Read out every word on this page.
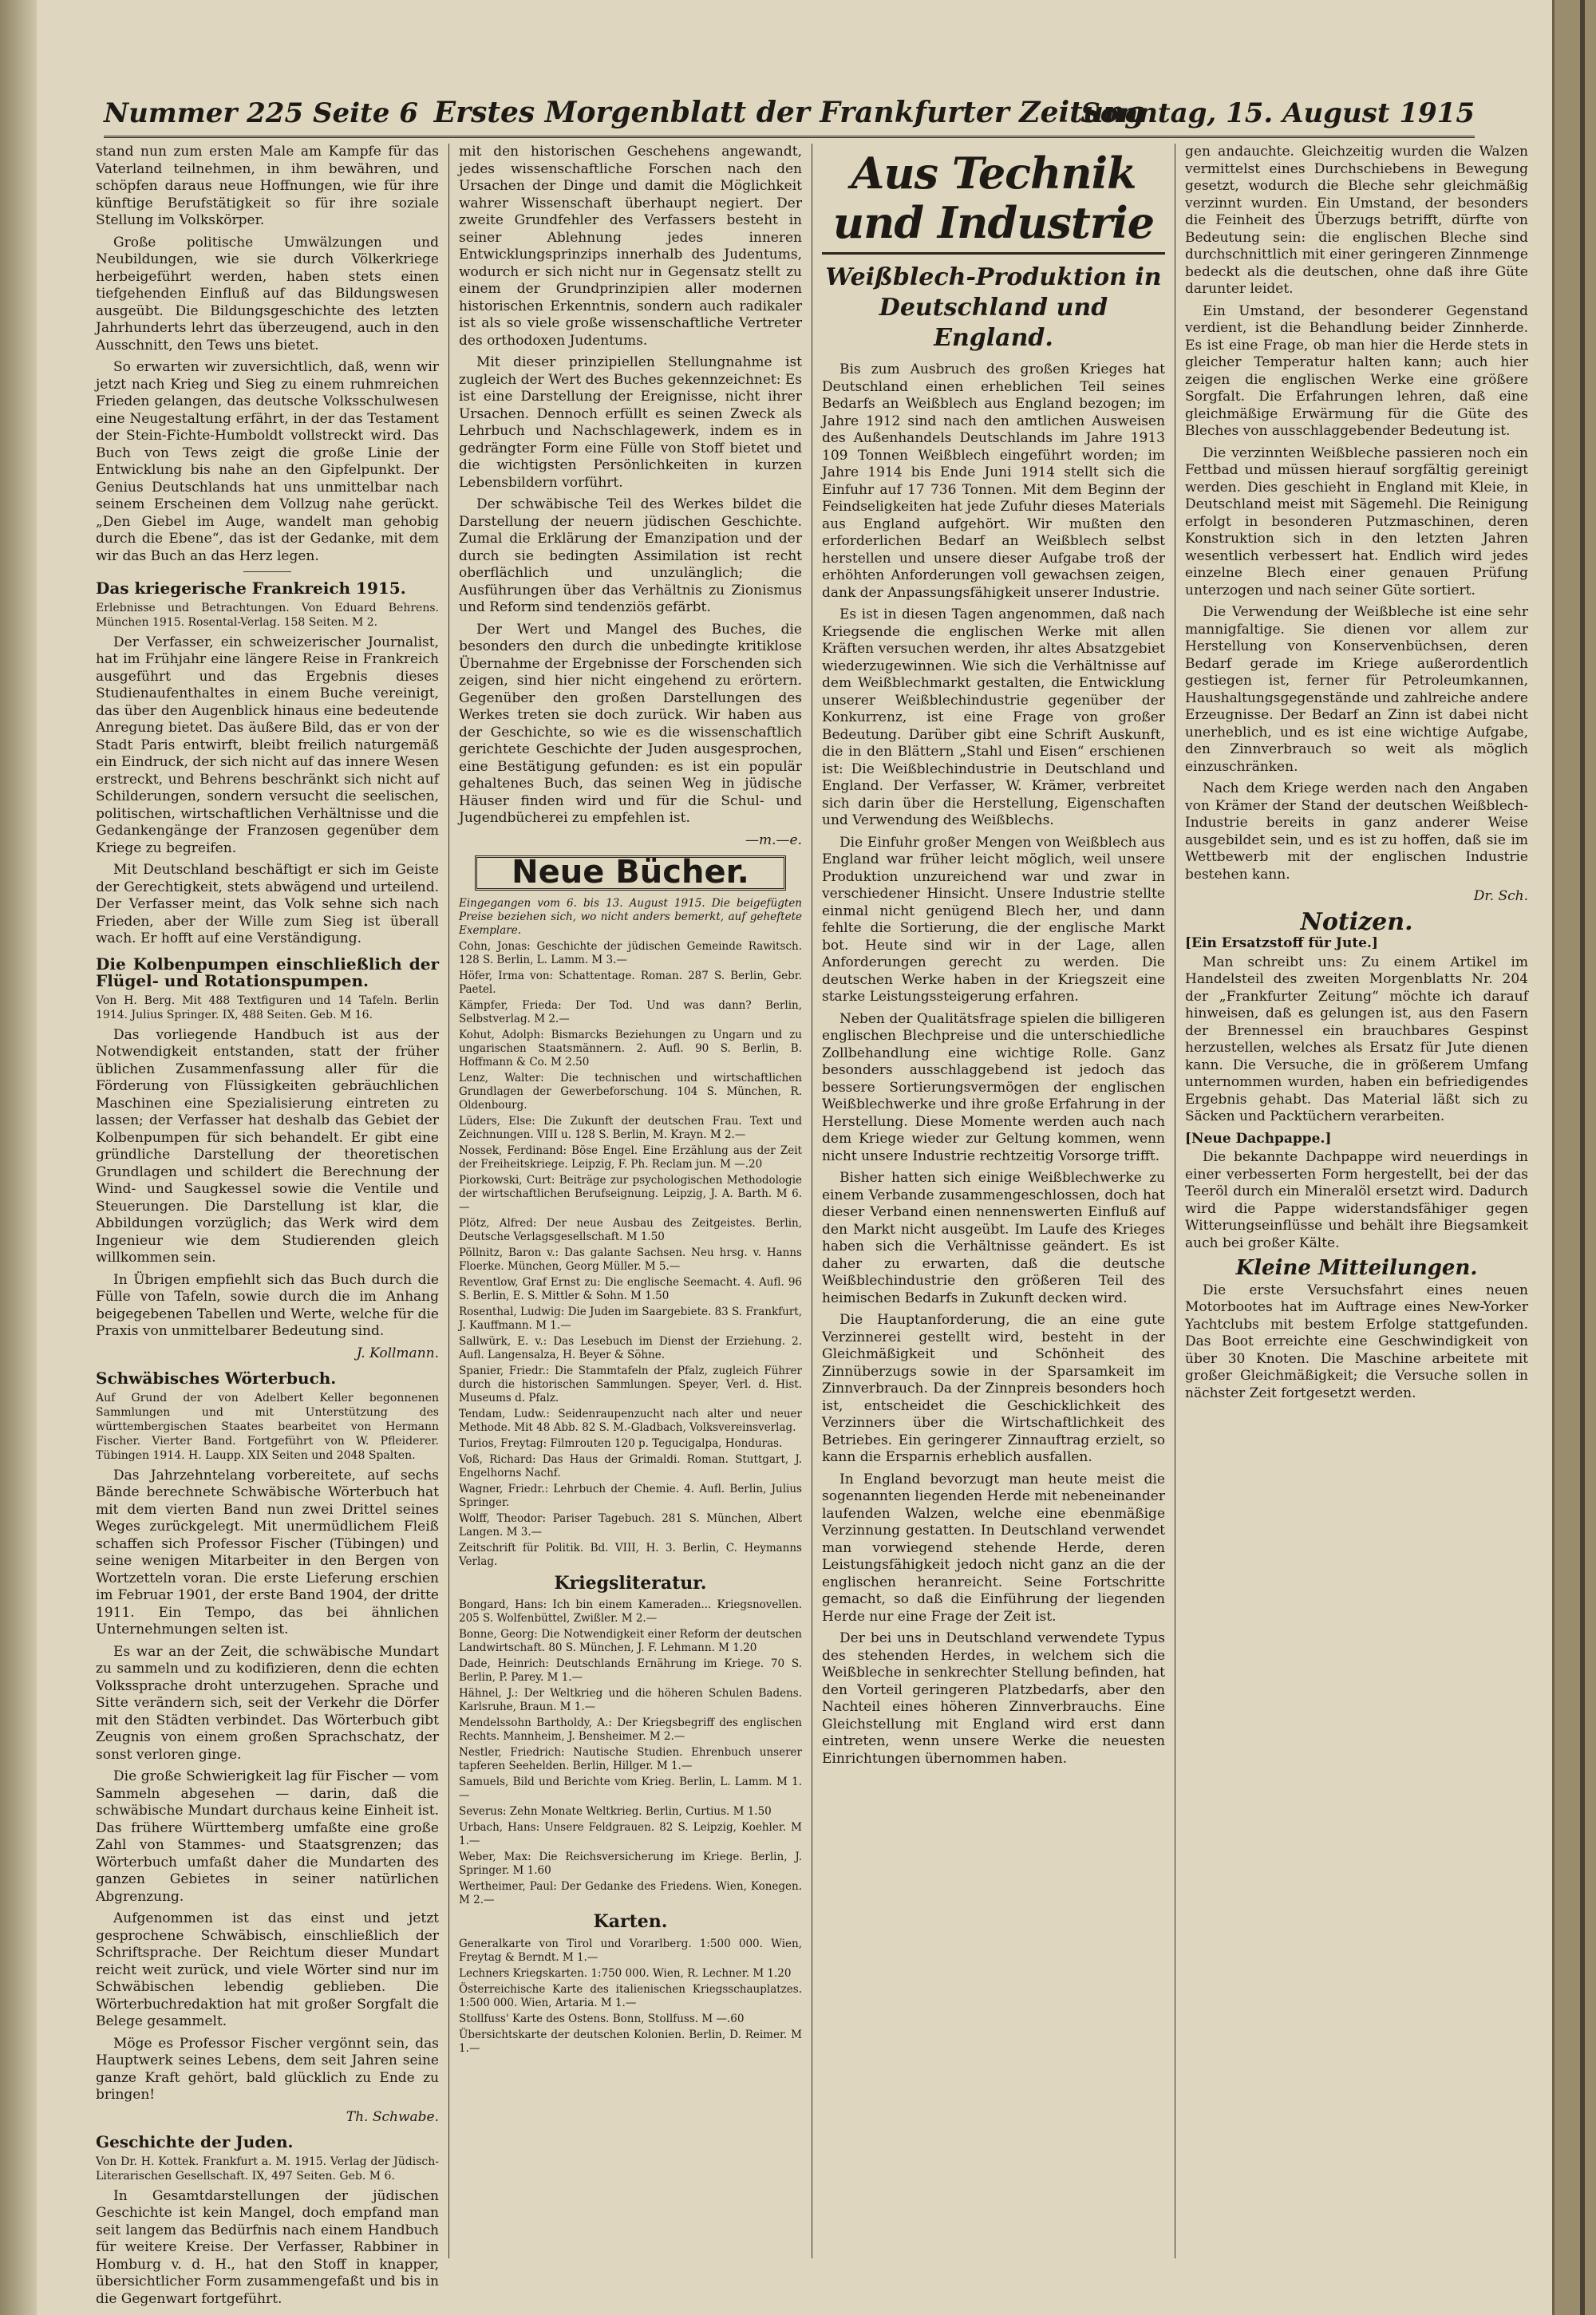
Nummer 225 Seite 6 Erstes Morgenblatt der Frankfurter Zeitung
Sonntag, 15. August 1915

stand nun zum ersten Male am Kampfe für das Vaterland teilnehmen, in ihm bewähren, und schöpfen daraus neue Hoffnungen, wie für ihre künftige Berufstätigkeit so für ihre soziale Stellung im Volkskörper.

Große politische Umwälzungen und Neubildungen, wie sie durch Völkerkriege herbeigeführt werden, haben stets einen tiefgehenden Einfluß auf das Bildungswesen ausgeübt. Die Bildungsgeschichte des letzten Jahrhunderts lehrt das überzeugend, auch in den Ausschnitt, den Tews uns bietet.

So erwarten wir zuversichtlich, daß, wenn wir jetzt nach Krieg und Sieg zu einem ruhmreichen Frieden gelangen, das deutsche Volksschulwesen eine Neugestaltung erfährt, in der das Testament der Stein-Fichte-Humboldt vollstreckt wird. Das Buch von Tews zeigt die große Linie der Entwicklung bis nahe an den Gipfelpunkt. Der Genius Deutschlands hat uns unmittelbar nach seinem Erscheinen dem Vollzug nahe gerückt. „Den Giebel im Auge, wandelt man gehobig durch die Ebene“, das ist der Gedanke, mit dem wir das Buch an das Herz legen.

Das kriegerische Frankreich 1915.

Erlebnisse und Betrachtungen. Von Eduard Behrens. München 1915. Rosental-Verlag. 158 Seiten. M 2.

Der Verfasser, ein schweizerischer Journalist, hat im Frühjahr eine längere Reise in Frankreich ausgeführt und das Ergebnis dieses Studienaufenthaltes in einem Buche vereinigt, das über den Augenblick hinaus eine bedeutende Anregung bietet. Das äußere Bild, das er von der Stadt Paris entwirft, bleibt freilich naturgemäß ein Eindruck, der sich nicht auf das innere Wesen erstreckt, und Behrens beschränkt sich nicht auf Schilderungen, sondern versucht die seelischen, politischen, wirtschaftlichen Verhältnisse und die Gedankengänge der Franzosen gegenüber dem Kriege zu begreifen.

Mit Deutschland beschäftigt er sich im Geiste der Gerechtigkeit, stets abwägend und urteilend. Der Verfasser meint, das Volk sehne sich nach Frieden, aber der Wille zum Sieg ist überall wach. Er hofft auf eine Verständigung.

Die Kolbenpumpen einschließlich der Flügel- und Rotationspumpen.

Von H. Berg. Mit 488 Textfiguren und 14 Tafeln. Berlin 1914. Julius Springer. IX, 488 Seiten. Geb. M 16.

Das vorliegende Handbuch ist aus der Notwendigkeit entstanden, statt der früher üblichen Zusammenfassung aller für die Förderung von Flüssigkeiten gebräuchlichen Maschinen eine Spezialisierung eintreten zu lassen; der Verfasser hat deshalb das Gebiet der Kolbenpumpen für sich behandelt. Er gibt eine gründliche Darstellung der theoretischen Grundlagen und schildert die Berechnung der Wind- und Saugkessel sowie die Ventile und Steuerungen. Die Darstellung ist klar, die Abbildungen vorzüglich; das Werk wird dem Ingenieur wie dem Studierenden gleich willkommen sein.

In Übrigen empfiehlt sich das Buch durch die Fülle von Tafeln, sowie durch die im Anhang beigegebenen Tabellen und Werte, welche für die Praxis von unmittelbarer Bedeutung sind.

J. Kollmann.

Schwäbisches Wörterbuch.

Auf Grund der von Adelbert Keller begonnenen Sammlungen und mit Unterstützung des württembergischen Staates bearbeitet von Hermann Fischer. Vierter Band. Fortgeführt von W. Pfleiderer. Tübingen 1914. H. Laupp. XIX Seiten und 2048 Spalten.

Das Jahrzehntelang vorbereitete, auf sechs Bände berechnete Schwäbische Wörterbuch hat mit dem vierten Band nun zwei Drittel seines Weges zurückgelegt. Mit unermüdlichem Fleiß schaffen sich Professor Fischer (Tübingen) und seine wenigen Mitarbeiter in den Bergen von Wortzetteln voran. Die erste Lieferung erschien im Februar 1901, der erste Band 1904, der dritte 1911. Ein Tempo, das bei ähnlichen Unternehmungen selten ist.

Es war an der Zeit, die schwäbische Mundart zu sammeln und zu kodifizieren, denn die echten Volkssprache droht unterzugehen. Sprache und Sitte verändern sich, seit der Verkehr die Dörfer mit den Städten verbindet. Das Wörterbuch gibt Zeugnis von einem großen Sprachschatz, der sonst verloren ginge.

Die große Schwierigkeit lag für Fischer — vom Sammeln abgesehen — darin, daß die schwäbische Mundart durchaus keine Einheit ist. Das frühere Württemberg umfaßte eine große Zahl von Stammes- und Staatsgrenzen; das Wörterbuch umfaßt daher die Mundarten des ganzen Gebietes in seiner natürlichen Abgrenzung.

Aufgenommen ist das einst und jetzt gesprochene Schwäbisch, einschließlich der Schriftsprache. Der Reichtum dieser Mundart reicht weit zurück, und viele Wörter sind nur im Schwäbischen lebendig geblieben. Die Wörterbuchredaktion hat mit großer Sorgfalt die Belege gesammelt.

Möge es Professor Fischer vergönnt sein, das Hauptwerk seines Lebens, dem seit Jahren seine ganze Kraft gehört, bald glücklich zu Ende zu bringen!

Th. Schwabe.

Geschichte der Juden.

Von Dr. H. Kottek. Frankfurt a. M. 1915. Verlag der Jüdisch-Literarischen Gesellschaft. IX, 497 Seiten. Geb. M 6.

In Gesamtdarstellungen der jüdischen Geschichte ist kein Mangel, doch empfand man seit langem das Bedürfnis nach einem Handbuch für weitere Kreise. Der Verfasser, Rabbiner in Homburg v. d. H., hat den Stoff in knapper, übersichtlicher Form zusammengefaßt und bis in die Gegenwart fortgeführt.

mit den historischen Geschehens angewandt, jedes wissenschaftliche Forschen nach den Ursachen der Dinge und damit die Möglichkeit wahrer Wissenschaft überhaupt negiert. Der zweite Grundfehler des Verfassers besteht in seiner Ablehnung jedes inneren Entwicklungsprinzips innerhalb des Judentums, wodurch er sich nicht nur in Gegensatz stellt zu einem der Grundprinzipien aller modernen historischen Erkenntnis, sondern auch radikaler ist als so viele große wissenschaftliche Vertreter des orthodoxen Judentums.

Mit dieser prinzipiellen Stellungnahme ist zugleich der Wert des Buches gekennzeichnet: Es ist eine Darstellung der Ereignisse, nicht ihrer Ursachen. Dennoch erfüllt es seinen Zweck als Lehrbuch und Nachschlagewerk, indem es in gedrängter Form eine Fülle von Stoff bietet und die wichtigsten Persönlichkeiten in kurzen Lebensbildern vorführt.

Der schwäbische Teil des Werkes bildet die Darstellung der neuern jüdischen Geschichte. Zumal die Erklärung der Emanzipation und der durch sie bedingten Assimilation ist recht oberflächlich und unzulänglich; die Ausführungen über das Verhältnis zu Zionismus und Reform sind tendenziös gefärbt.

Der Wert und Mangel des Buches, die besonders den durch die unbedingte kritiklose Übernahme der Ergebnisse der Forschenden sich zeigen, sind hier nicht eingehend zu erörtern. Gegenüber den großen Darstellungen des Werkes treten sie doch zurück. Wir haben aus der Geschichte, so wie es die wissenschaftlich gerichtete Geschichte der Juden ausgesprochen, eine Bestätigung gefunden: es ist ein populär gehaltenes Buch, das seinen Weg in jüdische Häuser finden wird und für die Schul- und Jugendbücherei zu empfehlen ist.

—m.—e.

Neue Bücher.

Eingegangen vom 6. bis 13. August 1915. Die beigefügten Preise beziehen sich, wo nicht anders bemerkt, auf geheftete Exemplare.

Cohn, Jonas: Geschichte der jüdischen Gemeinde Rawitsch. 128 S. Berlin, L. Lamm. M 3.—

Höfer, Irma von: Schattentage. Roman. 287 S. Berlin, Gebr. Paetel.

Kämpfer, Frieda: Der Tod. Und was dann? Berlin, Selbstverlag. M 2.—

Kohut, Adolph: Bismarcks Beziehungen zu Ungarn und zu ungarischen Staatsmännern. 2. Aufl. 90 S. Berlin, B. Hoffmann & Co. M 2.50

Lenz, Walter: Die technischen und wirtschaftlichen Grundlagen der Gewerbeforschung. 104 S. München, R. Oldenbourg.

Lüders, Else: Die Zukunft der deutschen Frau. Text und Zeichnungen. VIII u. 128 S. Berlin, M. Krayn. M 2.—

Nossek, Ferdinand: Böse Engel. Eine Erzählung aus der Zeit der Freiheitskriege. Leipzig, F. Ph. Reclam jun. M —.20

Piorkowski, Curt: Beiträge zur psychologischen Methodologie der wirtschaftlichen Berufseignung. Leipzig, J. A. Barth. M 6.—

Plötz, Alfred: Der neue Ausbau des Zeitgeistes. Berlin, Deutsche Verlagsgesellschaft. M 1.50

Pöllnitz, Baron v.: Das galante Sachsen. Neu hrsg. v. Hanns Floerke. München, Georg Müller. M 5.—

Reventlow, Graf Ernst zu: Die englische Seemacht. 4. Aufl. 96 S. Berlin, E. S. Mittler & Sohn. M 1.50

Rosenthal, Ludwig: Die Juden im Saargebiete. 83 S. Frankfurt, J. Kauffmann. M 1.—

Sallwürk, E. v.: Das Lesebuch im Dienst der Erziehung. 2. Aufl. Langensalza, H. Beyer & Söhne.

Spanier, Friedr.: Die Stammtafeln der Pfalz, zugleich Führer durch die historischen Sammlungen. Speyer, Verl. d. Hist. Museums d. Pfalz.

Tendam, Ludw.: Seidenraupenzucht nach alter und neuer Methode. Mit 48 Abb. 82 S. M.-Gladbach, Volksvereinsverlag.

Turios, Freytag: Filmrouten 120 p. Tegucigalpa, Honduras.

Voß, Richard: Das Haus der Grimaldi. Roman. Stuttgart, J. Engelhorns Nachf.

Wagner, Friedr.: Lehrbuch der Chemie. 4. Aufl. Berlin, Julius Springer.

Wolff, Theodor: Pariser Tagebuch. 281 S. München, Albert Langen. M 3.—

Zeitschrift für Politik. Bd. VIII, H. 3. Berlin, C. Heymanns Verlag.

Kriegsliteratur.

Bongard, Hans: Ich bin einem Kameraden... Kriegsnovellen. 205 S. Wolfenbüttel, Zwißler. M 2.—

Bonne, Georg: Die Notwendigkeit einer Reform der deutschen Landwirtschaft. 80 S. München, J. F. Lehmann. M 1.20

Dade, Heinrich: Deutschlands Ernährung im Kriege. 70 S. Berlin, P. Parey. M 1.—

Hähnel, J.: Der Weltkrieg und die höheren Schulen Badens. Karlsruhe, Braun. M 1.—

Mendelssohn Bartholdy, A.: Der Kriegsbegriff des englischen Rechts. Mannheim, J. Bensheimer. M 2.—

Nestler, Friedrich: Nautische Studien. Ehrenbuch unserer tapferen Seehelden. Berlin, Hillger. M 1.—

Samuels, Bild und Berichte vom Krieg. Berlin, L. Lamm. M 1.—

Severus: Zehn Monate Weltkrieg. Berlin, Curtius. M 1.50

Urbach, Hans: Unsere Feldgrauen. 82 S. Leipzig, Koehler. M 1.—

Weber, Max: Die Reichsversicherung im Kriege. Berlin, J. Springer. M 1.60

Wertheimer, Paul: Der Gedanke des Friedens. Wien, Konegen. M 2.—

Karten.

Generalkarte von Tirol und Vorarlberg. 1:500 000. Wien, Freytag & Berndt. M 1.—

Lechners Kriegskarten. 1:750 000. Wien, R. Lechner. M 1.20

Österreichische Karte des italienischen Kriegsschauplatzes. 1:500 000. Wien, Artaria. M 1.—

Stollfuss' Karte des Ostens. Bonn, Stollfuss. M —.60

Übersichtskarte der deutschen Kolonien. Berlin, D. Reimer. M 1.—

Aus Technik und Industrie
Weißblech-Produktion in Deutschland und England.

Bis zum Ausbruch des großen Krieges hat Deutschland einen erheblichen Teil seines Bedarfs an Weißblech aus England bezogen; im Jahre 1912 sind nach den amtlichen Ausweisen des Außenhandels Deutschlands im Jahre 1913 109 Tonnen Weißblech eingeführt worden; im Jahre 1914 bis Ende Juni 1914 stellt sich die Einfuhr auf 17 736 Tonnen. Mit dem Beginn der Feindseligkeiten hat jede Zufuhr dieses Materials aus England aufgehört. Wir mußten den erforderlichen Bedarf an Weißblech selbst herstellen und unsere dieser Aufgabe troß der erhöhten Anforderungen voll gewachsen zeigen, dank der Anpassungsfähigkeit unserer Industrie.

Es ist in diesen Tagen angenommen, daß nach Kriegsende die englischen Werke mit allen Kräften versuchen werden, ihr altes Absatzgebiet wiederzugewinnen. Wie sich die Verhältnisse auf dem Weißblechmarkt gestalten, die Entwicklung unserer Weißblechindustrie gegenüber der Konkurrenz, ist eine Frage von großer Bedeutung. Darüber gibt eine Schrift Auskunft, die in den Blättern „Stahl und Eisen“ erschienen ist: Die Weißblechindustrie in Deutschland und England. Der Verfasser, W. Krämer, verbreitet sich darin über die Herstellung, Eigenschaften und Verwendung des Weißblechs.

Die Einfuhr großer Mengen von Weißblech aus England war früher leicht möglich, weil unsere Produktion unzureichend war und zwar in verschiedener Hinsicht. Unsere Industrie stellte einmal nicht genügend Blech her, und dann fehlte die Sortierung, die der englische Markt bot. Heute sind wir in der Lage, allen Anforderungen gerecht zu werden. Die deutschen Werke haben in der Kriegszeit eine starke Leistungssteigerung erfahren.

Neben der Qualitätsfrage spielen die billigeren englischen Blechpreise und die unterschiedliche Zollbehandlung eine wichtige Rolle. Ganz besonders ausschlaggebend ist jedoch das bessere Sortierungsvermögen der englischen Weißblechwerke und ihre große Erfahrung in der Herstellung. Diese Momente werden auch nach dem Kriege wieder zur Geltung kommen, wenn nicht unsere Industrie rechtzeitig Vorsorge trifft.

Bisher hatten sich einige Weißblechwerke zu einem Verbande zusammengeschlossen, doch hat dieser Verband einen nennenswerten Einfluß auf den Markt nicht ausgeübt. Im Laufe des Krieges haben sich die Verhältnisse geändert. Es ist daher zu erwarten, daß die deutsche Weißblechindustrie den größeren Teil des heimischen Bedarfs in Zukunft decken wird.

Die Hauptanforderung, die an eine gute Verzinnerei gestellt wird, besteht in der Gleichmäßigkeit und Schönheit des Zinnüberzugs sowie in der Sparsamkeit im Zinnverbrauch. Da der Zinnpreis besonders hoch ist, entscheidet die Geschicklichkeit des Verzinners über die Wirtschaftlichkeit des Betriebes. Ein geringerer Zinnauftrag erzielt, so kann die Ersparnis erheblich ausfallen.

In England bevorzugt man heute meist die sogenannten liegenden Herde mit nebeneinander laufenden Walzen, welche eine ebenmäßige Verzinnung gestatten. In Deutschland verwendet man vorwiegend stehende Herde, deren Leistungsfähigkeit jedoch nicht ganz an die der englischen heranreicht. Seine Fortschritte gemacht, so daß die Einführung der liegenden Herde nur eine Frage der Zeit ist.

Der bei uns in Deutschland verwendete Typus des stehenden Herdes, in welchem sich die Weißbleche in senkrechter Stellung befinden, hat den Vorteil geringeren Platzbedarfs, aber den Nachteil eines höheren Zinnverbrauchs. Eine Gleichstellung mit England wird erst dann eintreten, wenn unsere Werke die neuesten Einrichtungen übernommen haben.

gen andauchte. Gleichzeitig wurden die Walzen vermittelst eines Durchschiebens in Bewegung gesetzt, wodurch die Bleche sehr gleichmäßig verzinnt wurden. Ein Umstand, der besonders die Feinheit des Überzugs betrifft, dürfte von Bedeutung sein: die englischen Bleche sind durchschnittlich mit einer geringeren Zinnmenge bedeckt als die deutschen, ohne daß ihre Güte darunter leidet.

Ein Umstand, der besonderer Gegenstand verdient, ist die Behandlung beider Zinnherde. Es ist eine Frage, ob man hier die Herde stets in gleicher Temperatur halten kann; auch hier zeigen die englischen Werke eine größere Sorgfalt. Die Erfahrungen lehren, daß eine gleichmäßige Erwärmung für die Güte des Bleches von ausschlaggebender Bedeutung ist.

Die verzinnten Weißbleche passieren noch ein Fettbad und müssen hierauf sorgfältig gereinigt werden. Dies geschieht in England mit Kleie, in Deutschland meist mit Sägemehl. Die Reinigung erfolgt in besonderen Putzmaschinen, deren Konstruktion sich in den letzten Jahren wesentlich verbessert hat. Endlich wird jedes einzelne Blech einer genauen Prüfung unterzogen und nach seiner Güte sortiert.

Die Verwendung der Weißbleche ist eine sehr mannigfaltige. Sie dienen vor allem zur Herstellung von Konservenbüchsen, deren Bedarf gerade im Kriege außerordentlich gestiegen ist, ferner für Petroleumkannen, Haushaltungsgegenstände und zahlreiche andere Erzeugnisse. Der Bedarf an Zinn ist dabei nicht unerheblich, und es ist eine wichtige Aufgabe, den Zinnverbrauch so weit als möglich einzuschränken.

Nach dem Kriege werden nach den Angaben von Krämer der Stand der deutschen Weißblech-Industrie bereits in ganz anderer Weise ausgebildet sein, und es ist zu hoffen, daß sie im Wettbewerb mit der englischen Industrie bestehen kann.

Dr. Sch.

Notizen.

[Ein Ersatzstoff für Jute.]

Man schreibt uns: Zu einem Artikel im Handelsteil des zweiten Morgenblatts Nr. 204 der „Frankfurter Zeitung“ möchte ich darauf hinweisen, daß es gelungen ist, aus den Fasern der Brennessel ein brauchbares Gespinst herzustellen, welches als Ersatz für Jute dienen kann. Die Versuche, die in größerem Umfang unternommen wurden, haben ein befriedigendes Ergebnis gehabt. Das Material läßt sich zu Säcken und Packtüchern verarbeiten.

[Neue Dachpappe.]

Die bekannte Dachpappe wird neuerdings in einer verbesserten Form hergestellt, bei der das Teeröl durch ein Mineralöl ersetzt wird. Dadurch wird die Pappe widerstandsfähiger gegen Witterungseinflüsse und behält ihre Biegsamkeit auch bei großer Kälte.

Kleine Mitteilungen.

Die erste Versuchsfahrt eines neuen Motorbootes hat im Auftrage eines New-Yorker Yachtclubs mit bestem Erfolge stattgefunden. Das Boot erreichte eine Geschwindigkeit von über 30 Knoten. Die Maschine arbeitete mit großer Gleichmäßigkeit; die Versuche sollen in nächster Zeit fortgesetzt werden.
